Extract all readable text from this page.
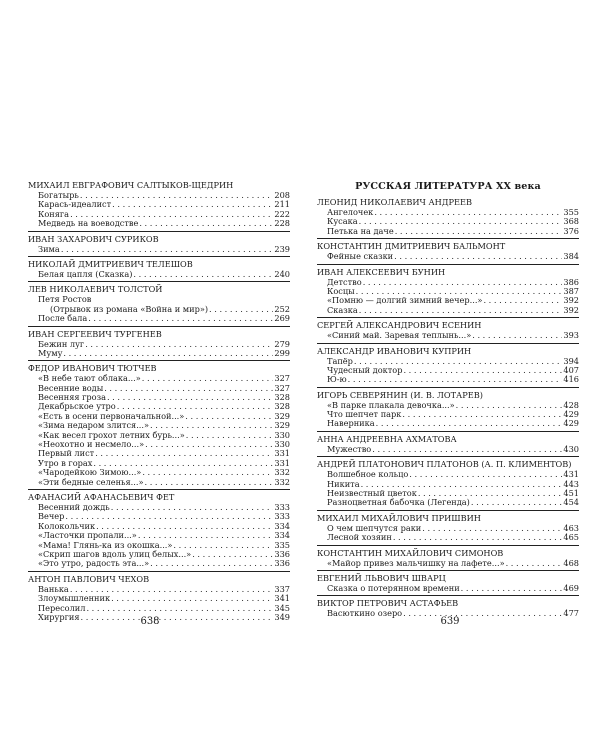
МИХАИЛ ЕВГРАФОВИЧ САЛТЫКОВ-ЩЕДРИН
Богатырь . . .	208
Карась-идеалист . . .	211
Коняга . . .	222
Медведь на воеводстве . . .	228
ИВАН ЗАХАРОВИЧ СУРИКОВ
Зима . . .	239
НИКОЛАЙ ДМИТРИЕВИЧ ТЕЛЕШОВ
Белая цапля (Сказка) . . .	240
ЛЕВ НИКОЛАЕВИЧ ТОЛСТОЙ
Петя Ростов
(Отрывок из романа «Война и мир») . . .	252
После бала . . .	269
ИВАН СЕРГЕЕВИЧ ТУРГЕНЕВ
Бежин луг . . .	279
Муму . . .	299
ФЕДОР ИВАНОВИЧ ТЮТЧЕВ
«В небе тают облака...» . . .	327
Весенние воды . . .	327
Весенняя гроза . . .	328
Декабрьское утро . . .	328
«Есть в осени первоначальной...» . . .	329
«Зима недаром злится...» . . .	329
«Как весел грохот летних бурь...» . . .	330
«Неохотно и несмело...» . . .	330
Первый лист . . .	331
Утро в горах . . .	331
«Чародейкою Зимою...» . . .	332
«Эти бедные селенья...» . . .	332
АФАНАСИЙ АФАНАСЬЕВИЧ ФЕТ
Весенний дождь . . .	333
Вечер . . .	333
Колокольчик . . .	334
«Ласточки пропали...» . . .	334
«Мама! Глянь-ка из окошка...» . . .	335
«Скрип шагов вдоль улиц белых...» . . .	336
«Это утро, радость эта...» . . .	336
АНТОН ПАВЛОВИЧ ЧЕХОВ
Ванька . . .	337
Злоумышленник . . .	341
Пересолил . . .	345
Хирургия . . .	349
638
РУССКАЯ ЛИТЕРАТУРА XX века
ЛЕОНИД НИКОЛАЕВИЧ АНДРЕЕВ
Ангелочек . . .	355
Кусака . . .	368
Петька на даче . . .	376
КОНСТАНТИН ДМИТРИЕВИЧ БАЛЬМОНТ
Фейные сказки . . .	384
ИВАН АЛЕКСЕЕВИЧ БУНИН
Детство . . .	386
Косцы . . .	387
«Помню — долгий зимний вечер...» . . .	392
Сказка . . .	392
СЕРГЕЙ АЛЕКСАНДРОВИЧ ЕСЕНИН
«Синий май. Заревая теплынь...» . . .	393
АЛЕКСАНДР ИВАНОВИЧ КУПРИН
Тапёр . . .	394
Чудесный доктор . . .	407
Ю-ю . . .	416
ИГОРЬ СЕВЕРЯНИН (И. В. ЛОТАРЕВ)
«В парке плакала девочка...» . . .	428
Что шепчет парк . . .	429
Наверника . . .	429
АННА АНДРЕЕВНА АХМАТОВА
Мужество . . .	430
АНДРЕЙ ПЛАТОНОВИЧ ПЛАТОНОВ (А. П. КЛИМЕНТОВ)
Волшебное кольцо . . .	431
Никита . . .	443
Неизвестный цветок . . .	451
Разноцветная бабочка (Легенда) . . .	454
МИХАИЛ МИХАЙЛОВИЧ ПРИШВИН
О чем шепчутся раки . . .	463
Лесной хозяин . . .	465
КОНСТАНТИН МИХАЙЛОВИЧ СИМОНОВ
«Майор привез мальчишку на лафете...» . . .	468
ЕВГЕНИЙ ЛЬВОВИЧ ШВАРЦ
Сказка о потерянном времени . . .	469
ВИКТОР ПЕТРОВИЧ АСТАФЬЕВ
Васюткино озеро . . .	477
639
